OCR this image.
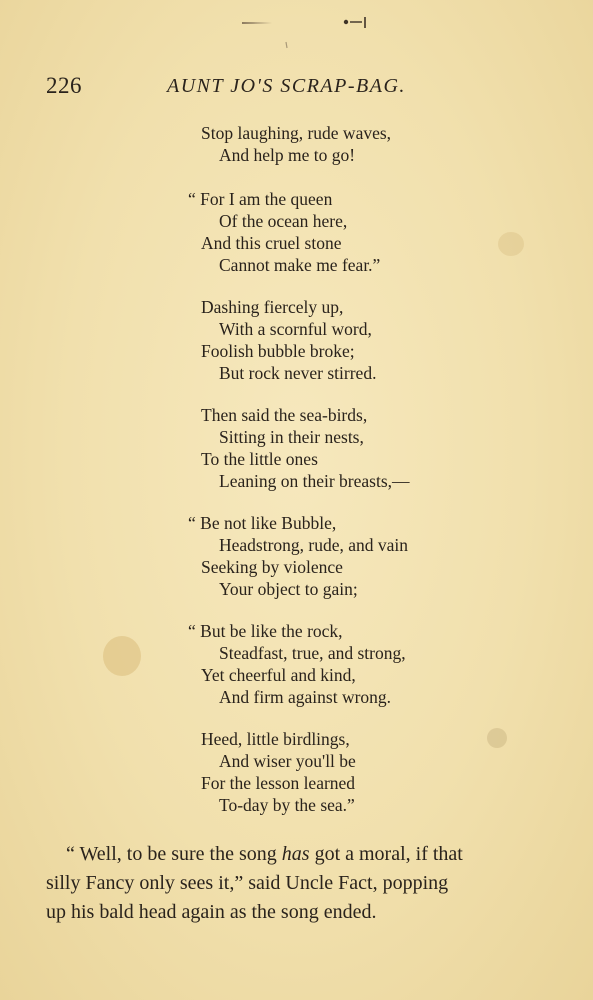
226	AUNT JO'S SCRAP-BAG.
Stop laughing, rude waves,
And help me to go!
“ For I am the queen
Of the ocean here,
And this cruel stone
Cannot make me fear.”
Dashing fiercely up,
With a scornful word,
Foolish bubble broke;
But rock never stirred.
Then said the sea-birds,
Sitting in their nests,
To the little ones
Leaning on their breasts,—
“ Be not like Bubble,
Headstrong, rude, and vain
Seeking by violence
Your object to gain;
“ But be like the rock,
Steadfast, true, and strong,
Yet cheerful and kind,
And firm against wrong.
Heed, little birdlings,
And wiser you'll be
For the lesson learned
To-day by the sea.”
“ Well, to be sure the song has got a moral, if that
silly Fancy only sees it,” said Uncle Fact, popping
up his bald head again as the song ended.
